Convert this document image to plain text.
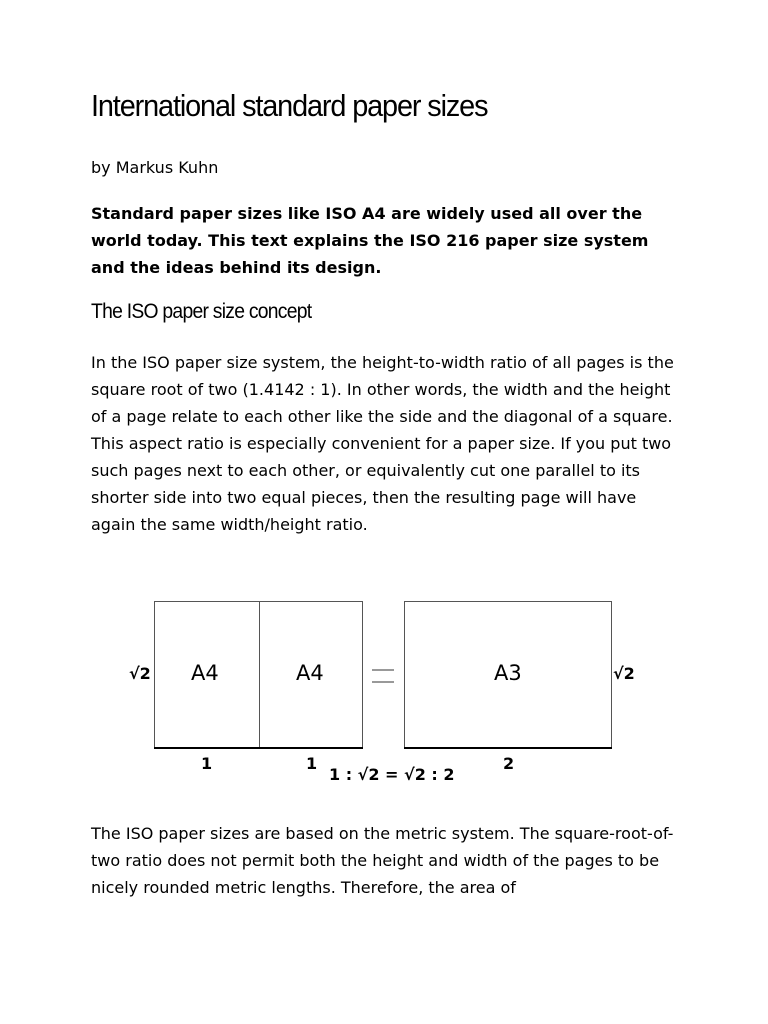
International standard paper sizes

by Markus Kuhn

Standard paper sizes like ISO A4 are widely used all over the world today. This text explains the ISO 216 paper size system and the ideas behind its design.

The ISO paper size concept

In the ISO paper size system, the height-to-width ratio of all pages is the square root of two (1.4142 : 1). In other words, the width and the height of a page relate to each other like the side and the diagonal of a square. This aspect ratio is especially convenient for a paper size. If you put two such pages next to each other, or equivalently cut one parallel to its shorter side into two equal pieces, then the resulting page will have again the same width/height ratio.

The ISO paper sizes are based on the metric system. The square-root-of-two ratio does not permit both the height and width of the pages to be nicely rounded metric lengths. Therefore, the area of

√2 A4	A4	A3	√2
1	1	2
1 : √2 = √2 : 2
